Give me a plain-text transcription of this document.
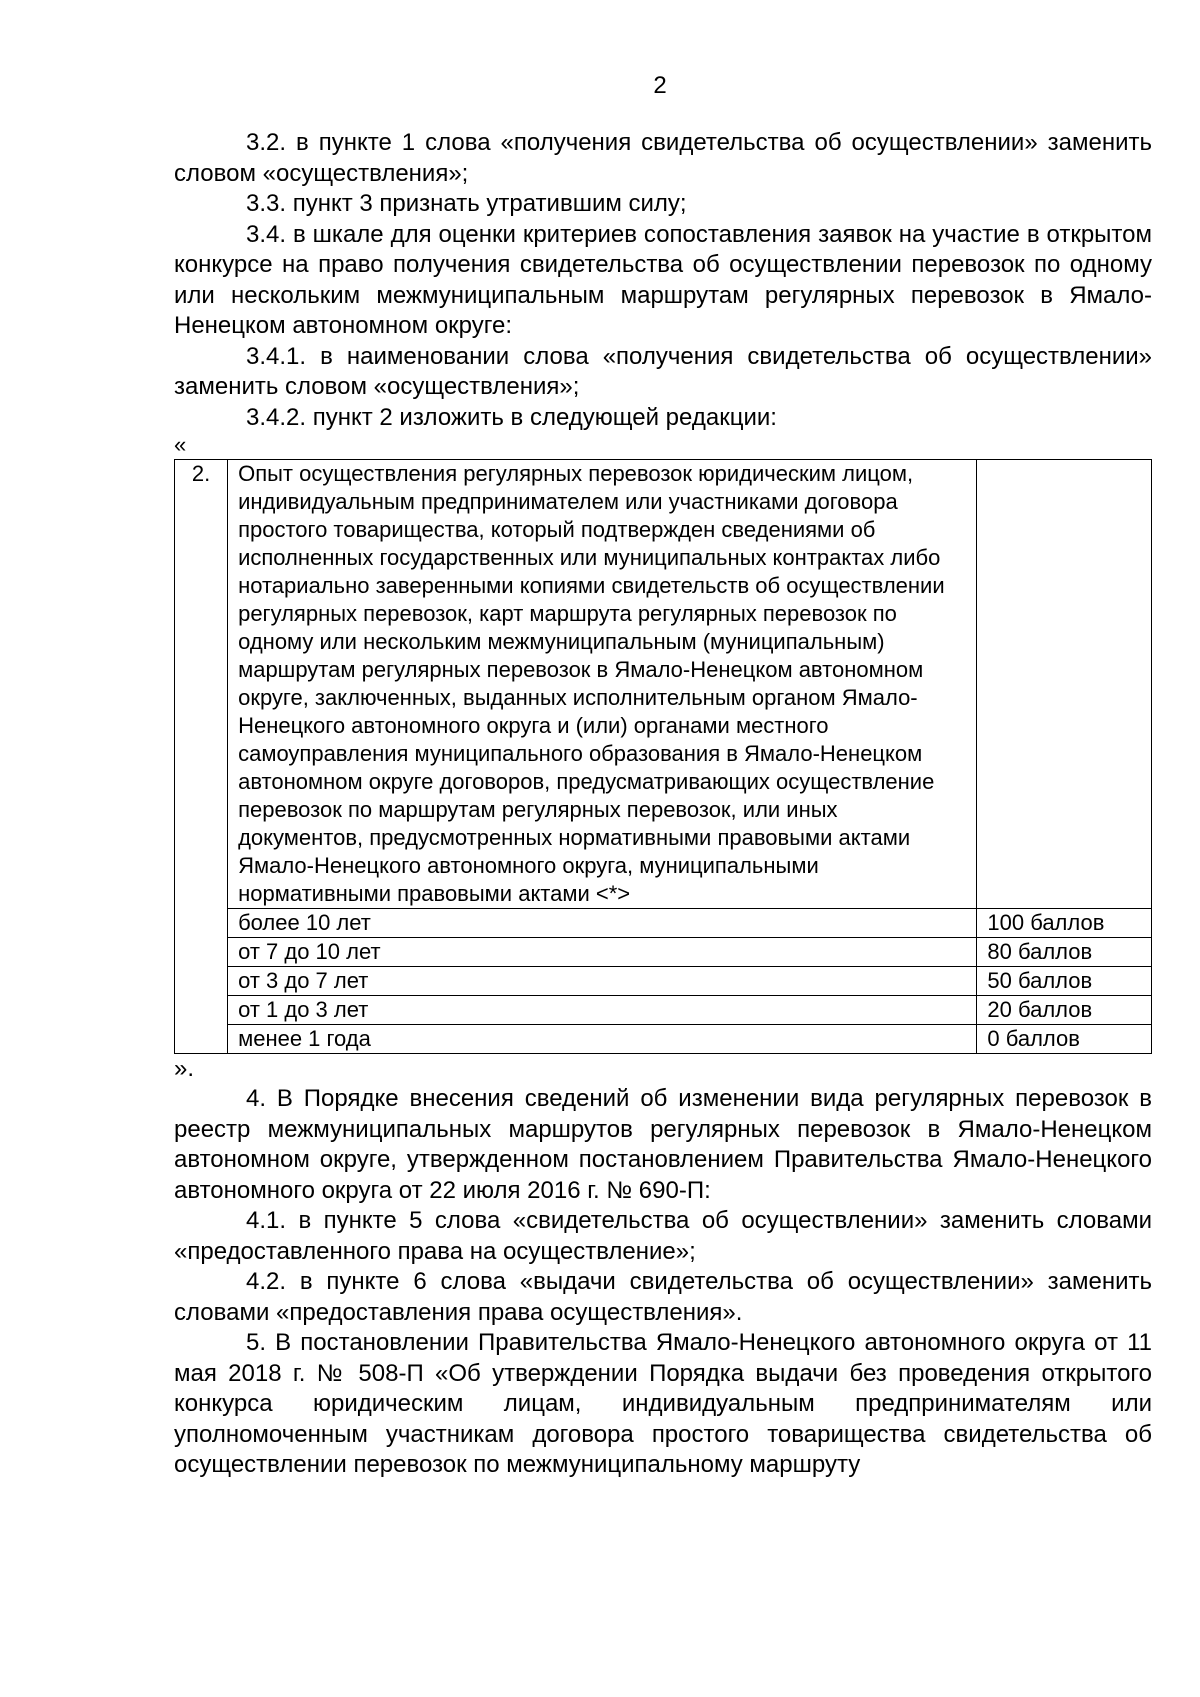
2

3.2. в пункте 1 слова «получения свидетельства об осуществлении» заменить словом «осуществления»;

3.3. пункт 3 признать утратившим силу;

3.4. в шкале для оценки критериев сопоставления заявок на участие в открытом конкурсе на право получения свидетельства об осуществлении перевозок по одному или нескольким межмуниципальным маршрутам регулярных перевозок в Ямало-Ненецком автономном округе:

3.4.1. в наименовании слова «получения свидетельства об осуществлении» заменить словом «осуществления»;

3.4.2. пункт 2 изложить в следующей редакции:

«

2.	Опыт осуществления регулярных перевозок юридическим лицом, индивидуальным предпринимателем или участниками договора простого товарищества, который подтвержден сведениями об исполненных государственных или муниципальных контрактах либо нотариально заверенными копиями свидетельств об осуществлении регулярных перевозок, карт маршрута регулярных перевозок по одному или нескольким межмуниципальным (муниципальным) маршрутам регулярных перевозок в Ямало-Ненецком автономном округе, заключенных, выданных исполнительным органом Ямало-Ненецкого автономного округа и (или) органами местного самоуправления муниципального образования в Ямало-Ненецком автономном округе договоров, предусматривающих осуществление перевозок по маршрутам регулярных перевозок, или иных документов, предусмотренных нормативными правовыми актами Ямало-Ненецкого автономного округа, муниципальными нормативными правовыми актами <*>	
	более 10 лет	100 баллов
	от 7 до 10 лет	80 баллов
	от 3 до 7 лет	50 баллов
	от 1 до 3 лет	20 баллов
	менее 1 года	0 баллов

».

4. В Порядке внесения сведений об изменении вида регулярных перевозок в реестр межмуниципальных маршрутов регулярных перевозок в Ямало-Ненецком автономном округе, утвержденном постановлением Правительства Ямало-Ненецкого автономного округа от 22 июля 2016 г. № 690-П:

4.1. в пункте 5 слова «свидетельства об осуществлении» заменить словами «предоставленного права на осуществление»;

4.2. в пункте 6 слова «выдачи свидетельства об осуществлении» заменить словами «предоставления права осуществления».

5. В постановлении Правительства Ямало-Ненецкого автономного округа от 11 мая 2018 г. № 508-П «Об утверждении Порядка выдачи без проведения открытого конкурса юридическим лицам, индивидуальным предпринимателям или уполномоченным участникам договора простого товарищества свидетельства об осуществлении перевозок по межмуниципальному маршруту
